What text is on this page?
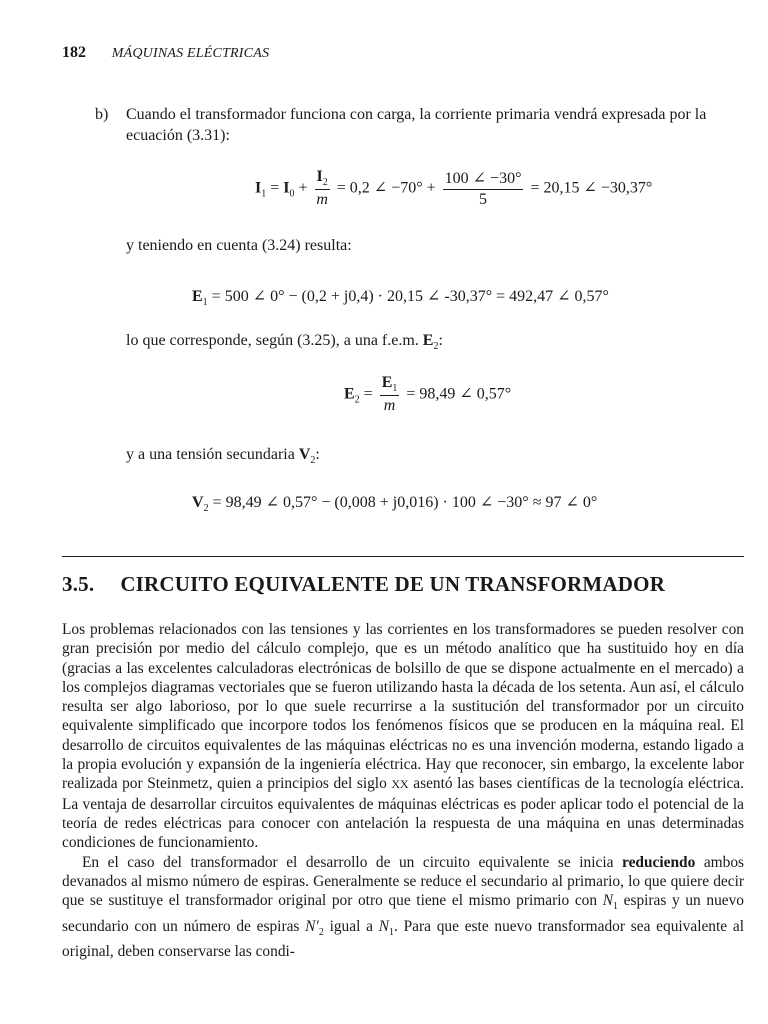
182 MÁQUINAS ELÉCTRICAS
b) Cuando el transformador funciona con carga, la corriente primaria vendrá expresada por la ecuación (3.31):
$I_1 = I_0 + \frac{I_2}{m} = 0,2$ ∠ $-70^\circ + \frac{100 \angle -30^\circ}{5} = 20,15$ ∠ −30,37°
y teniendo en cuenta (3.24) resulta:
$E_1 = 500$ ∠ 0° − (0,2 + j0,4) · 20,15 ∠ -30,37° = 492,47 ∠ 0,57°
lo que corresponde, según (3.25), a una f.e.m. $E_2$:
$E_2 = \frac{E_1}{m} = 98,49$ ∠ 0,57°
y a una tensión secundaria $V_2$:
$V_2 = 98,49$ ∠ 0,57° − (0,008 + j0,016) · 100 ∠ −30° ≈ 97 ∠ 0°
3.5. CIRCUITO EQUIVALENTE DE UN TRANSFORMADOR

Los problemas relacionados con las tensiones y las corrientes en los transformadores se pueden resolver con gran precisión por medio del cálculo complejo, que es un método analítico que ha sustituido hoy en día (gracias a las excelentes calculadoras electrónicas de bolsillo de que se dispone actualmente en el mercado) a los complejos diagramas vectoriales que se fueron utilizando hasta la década de los setenta. Aun así, el cálculo resulta ser algo laborioso, por lo que suele recurrirse a la sustitución del transformador por un circuito equivalente simplificado que incorpore todos los fenómenos físicos que se producen en la máquina real. El desarrollo de circuitos equivalentes de las máquinas eléctricas no es una invención moderna, estando ligado a la propia evolución y expansión de la ingeniería eléctrica. Hay que reconocer, sin embargo, la excelente labor realizada por Steinmetz, quien a principios del siglo XX asentó las bases científicas de la tecnología eléctrica. La ventaja de desarrollar circuitos equivalentes de máquinas eléctricas es poder aplicar todo el potencial de la teoría de redes eléctricas para conocer con antelación la respuesta de una máquina en unas determinadas condiciones de funcionamiento.

En el caso del transformador el desarrollo de un circuito equivalente se inicia reduciendo ambos devanados al mismo número de espiras. Generalmente se reduce el secundario al primario, lo que quiere decir que se sustituye el transformador original por otro que tiene el mismo primario con $N_1$ espiras y un nuevo secundario con un número de espiras $N'_2$ igual a $N_1$. Para que este nuevo transformador sea equivalente al original, deben conservarse las condi-
